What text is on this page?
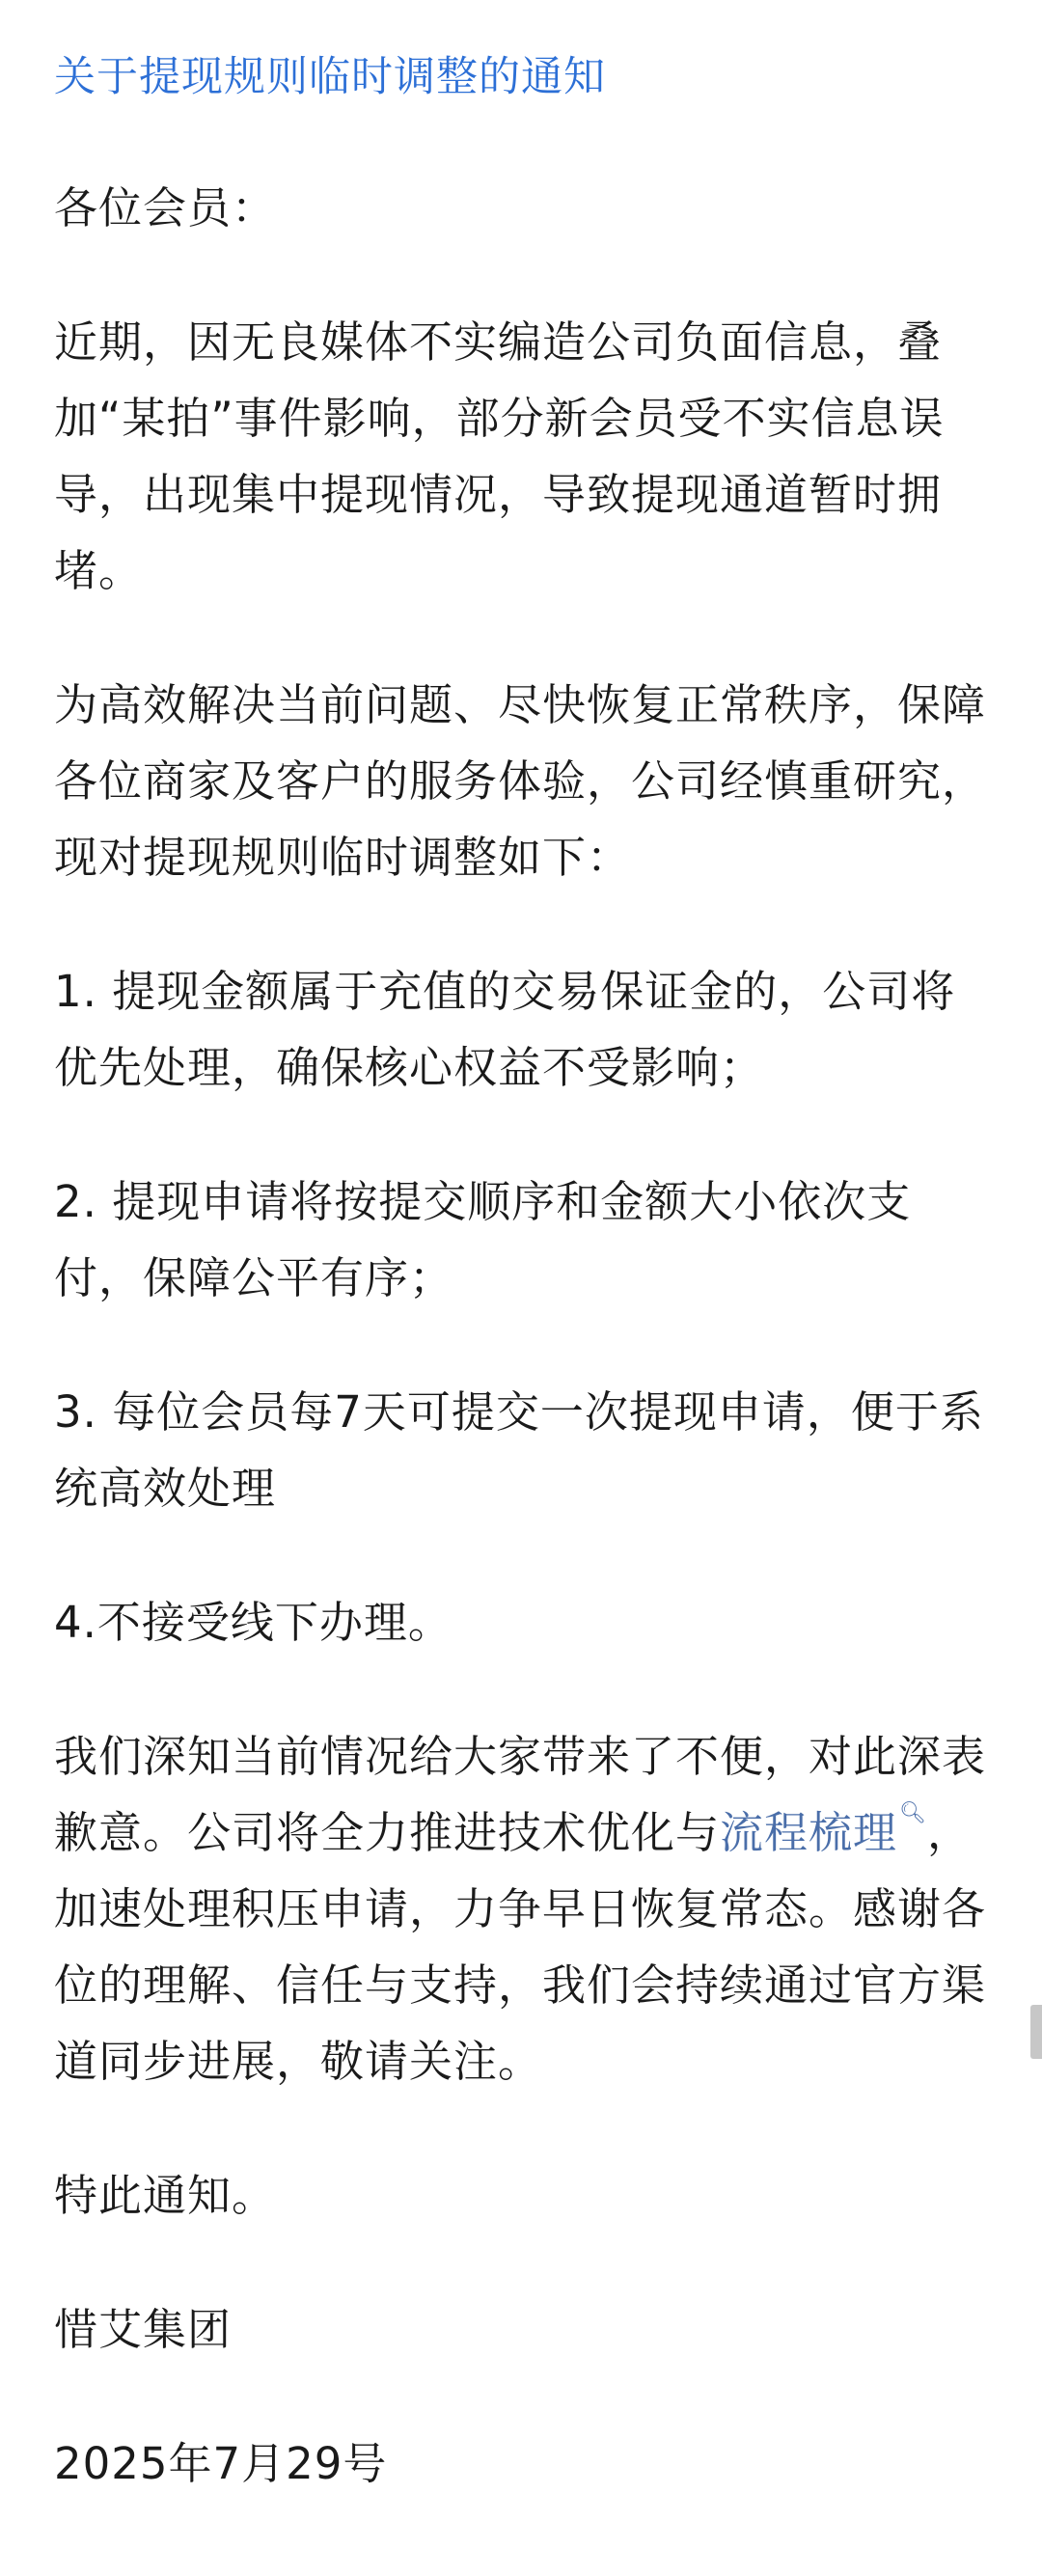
关于提现规则临时调整的通知

各位会员：

近期，因无良媒体不实编造公司负面信息，叠加“某拍”事件影响，部分新会员受不实信息误导，出现集中提现情况，导致提现通道暂时拥堵。

为高效解决当前问题、尽快恢复正常秩序，保障各位商家及客户的服务体验，公司经慎重研究，现对提现规则临时调整如下：

1. 提现金额属于充值的交易保证金的，公司将优先处理，确保核心权益不受影响；

2. 提现申请将按提交顺序和金额大小依次支付，保障公平有序；

3. 每位会员每7天可提交一次提现申请，便于系统高效处理

4.不接受线下办理。

我们深知当前情况给大家带来了不便，对此深表歉意。公司将全力推进技术优化与流程梳理🔍︎，加速处理积压申请，力争早日恢复常态。感谢各位的理解、信任与支持，我们会持续通过官方渠道同步进展，敬请关注。

特此通知。

惜艾集团

2025年7月29号
